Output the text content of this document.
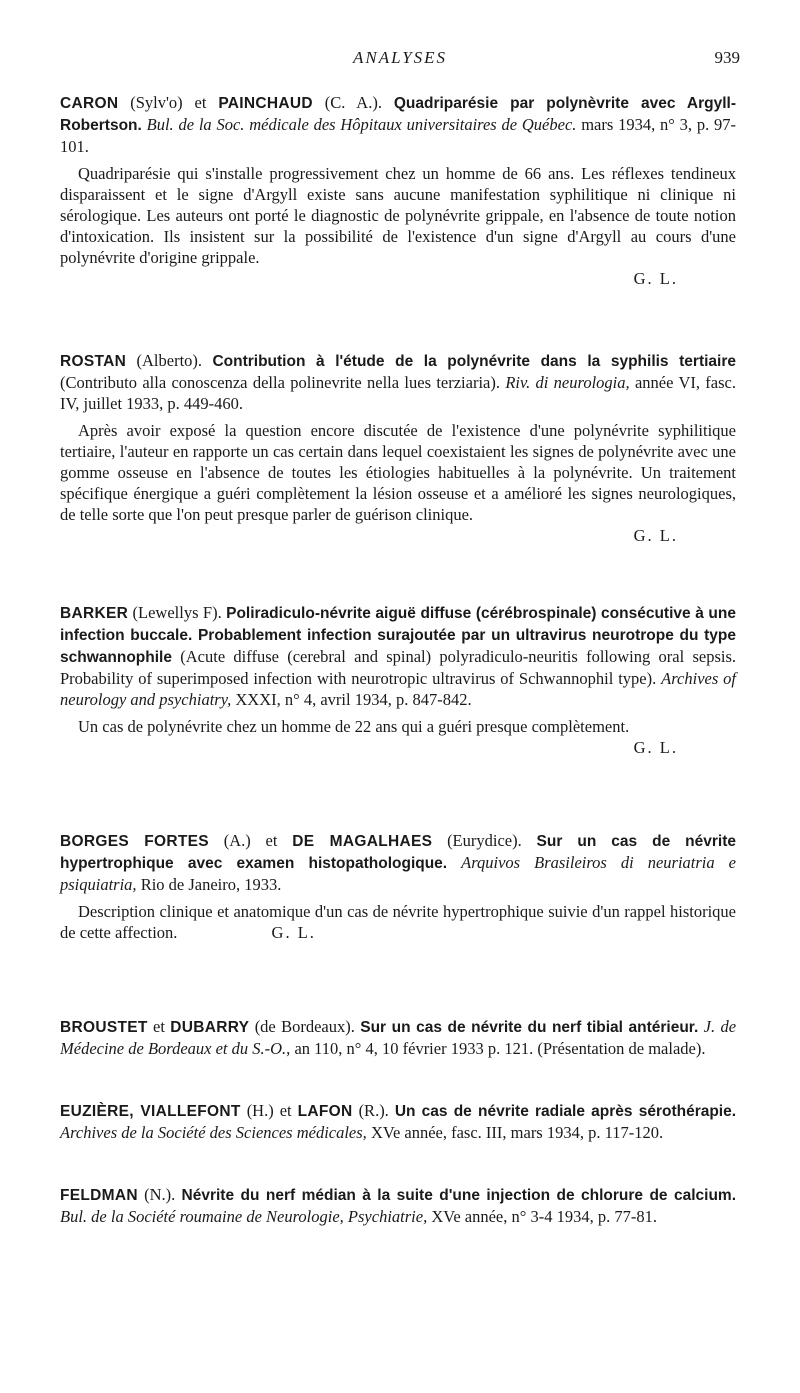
ANALYSES	939

CARON (Sylv'o) et PAINCHAUD (C. A.). Quadriparésie par polynèvrite avec Argyll-Robertson. Bul. de la Soc. médicale des Hôpitaux universitaires de Québec. mars 1934, n° 3, p. 97-101.

Quadriparésie qui s'installe progressivement chez un homme de 66 ans. Les réflexes tendineux disparaissent et le signe d'Argyll existe sans aucune manifestation syphilitique ni clinique ni sérologique. Les auteurs ont porté le diagnostic de polynévrite grippale, en l'absence de toute notion d'intoxication. Ils insistent sur la possibilité de l'existence d'un signe d'Argyll au cours d'une polynévrite d'origine grippale.

G. L.

ROSTAN (Alberto). Contribution à l'étude de la polynévrite dans la syphilis tertiaire (Contributo alla conoscenza della polinevrite nella lues terziaria). Riv. di neurologia, année VI, fasc. IV, juillet 1933, p. 449-460.

Après avoir exposé la question encore discutée de l'existence d'une polynévrite syphilitique tertiaire, l'auteur en rapporte un cas certain dans lequel coexistaient les signes de polynévrite avec une gomme osseuse en l'absence de toutes les étiologies habituelles à la polynévrite. Un traitement spécifique énergique a guéri complètement la lésion osseuse et a amélioré les signes neurologiques, de telle sorte que l'on peut presque parler de guérison clinique.

G. L.

BARKER (Lewellys F). Poliradiculo-névrite aiguë diffuse (cérébrospinale) consécutive à une infection buccale. Probablement infection surajoutée par un ultravirus neurotrope du type schwannophile (Acute diffuse (cerebral and spinal) polyradiculo-neuritis following oral sepsis. Probability of superimposed infection with neurotropic ultravirus of Schwannophil type). Archives of neurology and psychiatry, XXXI, n° 4, avril 1934, p. 847-842.

Un cas de polynévrite chez un homme de 22 ans qui a guéri presque complètement.

G. L.

BORGES FORTES (A.) et DE MAGALHAES (Eurydice). Sur un cas de névrite hypertrophique avec examen histopathologique. Arquivos Brasileiros di neuriatria e psiquiatria, Rio de Janeiro, 1933.

Description clinique et anatomique d'un cas de névrite hypertrophique suivie d'un rappel historique de cette affection.	G. L.

BROUSTET et DUBARRY (de Bordeaux). Sur un cas de névrite du nerf tibial antérieur. J. de Médecine de Bordeaux et du S.-O., an 110, n° 4, 10 février 1933 p. 121. (Présentation de malade).

EUZIÈRE, VIALLEFONT (H.) et LAFON (R.). Un cas de névrite radiale après sérothérapie. Archives de la Société des Sciences médicales, XVe année, fasc. III, mars 1934, p. 117-120.

FELDMAN (N.). Névrite du nerf médian à la suite d'une injection de chlorure de calcium. Bul. de la Société roumaine de Neurologie, Psychiatrie, XVe année, n° 3-4 1934, p. 77-81.
